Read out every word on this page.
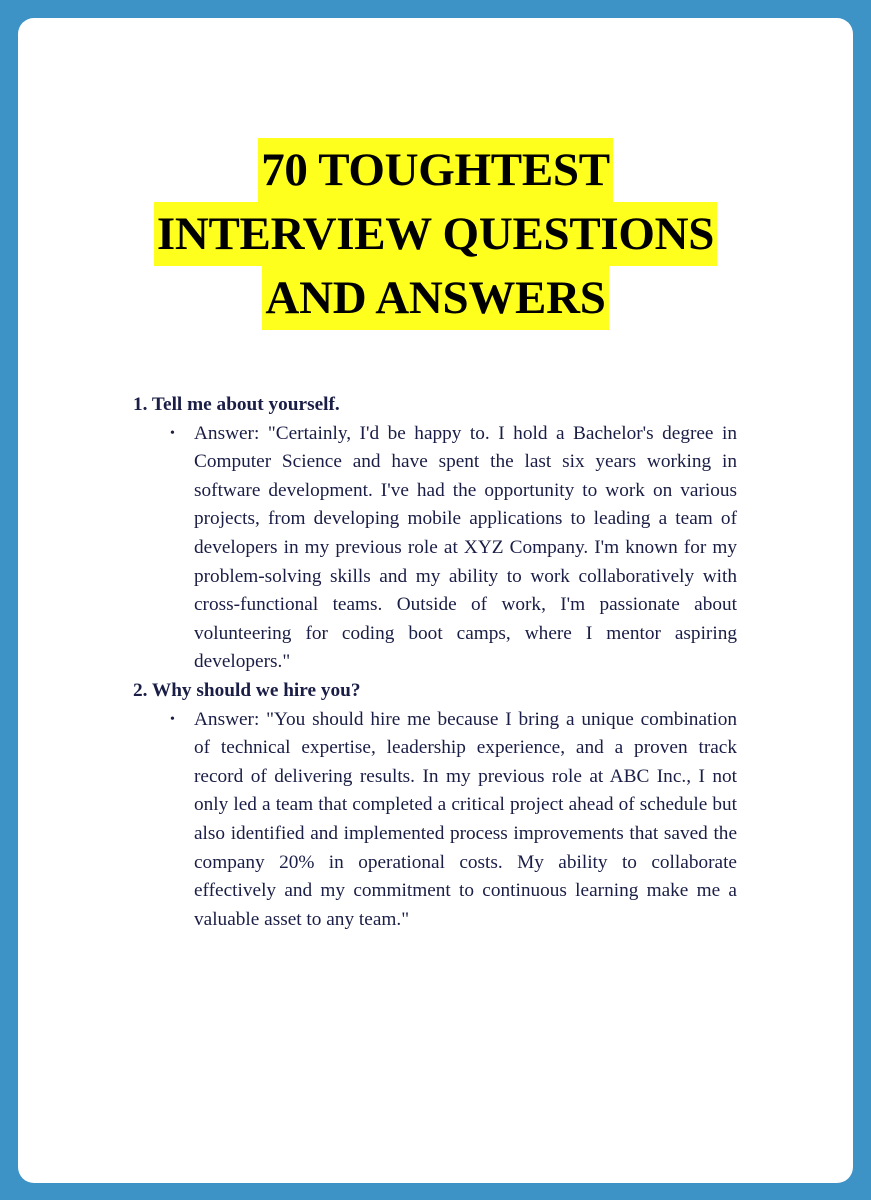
70 TOUGHTEST
INTERVIEW QUESTIONS
AND ANSWERS

1. Tell me about yourself.

• Answer: "Certainly, I'd be happy to. I hold a Bachelor's degree in Computer Science and have spent the last six years working in software development. I've had the opportunity to work on various projects, from developing mobile applications to leading a team of developers in my previous role at XYZ Company. I'm known for my problem-solving skills and my ability to work collaboratively with cross-functional teams. Outside of work, I'm passionate about volunteering for coding boot camps, where I mentor aspiring developers."

2. Why should we hire you?

• Answer: "You should hire me because I bring a unique combination of technical expertise, leadership experience, and a proven track record of delivering results. In my previous role at ABC Inc., I not only led a team that completed a critical project ahead of schedule but also identified and implemented process improvements that saved the company 20% in operational costs. My ability to collaborate effectively and my commitment to continuous learning make me a valuable asset to any team."
